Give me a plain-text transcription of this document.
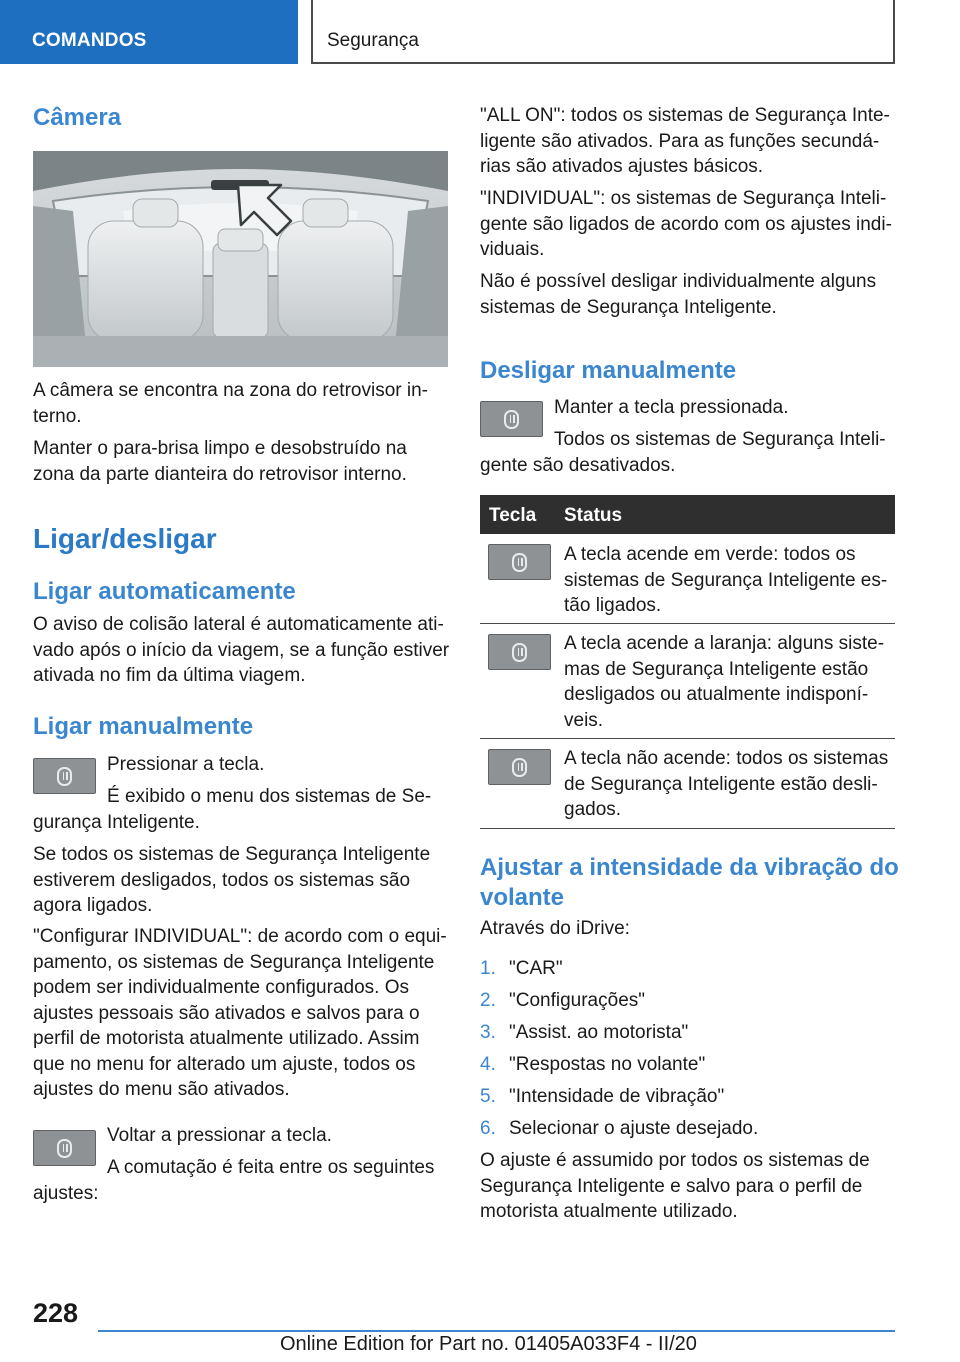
COMANDOS	Segurança
Câmera
A câmera se encontra na zona do retrovisor in-
terno.
Manter o para-brisa limpo e desobstruído na
zona da parte dianteira do retrovisor interno.
Ligar/desligar
Ligar automaticamente
O aviso de colisão lateral é automaticamente ati-
vado após o início da viagem, se a função estiver
ativada no fim da última viagem.
Ligar manualmente
Pressionar a tecla.
É exibido o menu dos sistemas de Se-
gurança Inteligente.
Se todos os sistemas de Segurança Inteligente
estiverem desligados, todos os sistemas são
agora ligados.
"Configurar INDIVIDUAL": de acordo com o equi-
pamento, os sistemas de Segurança Inteligente
podem ser individualmente configurados. Os
ajustes pessoais são ativados e salvos para o
perfil de motorista atualmente utilizado. Assim
que no menu for alterado um ajuste, todos os
ajustes do menu são ativados.
Voltar a pressionar a tecla.
A comutação é feita entre os seguintes
ajustes:
"ALL ON": todos os sistemas de Segurança Inte-
ligente são ativados. Para as funções secundá-
rias são ativados ajustes básicos.
"INDIVIDUAL": os sistemas de Segurança Inteli-
gente são ligados de acordo com os ajustes indi-
viduais.
Não é possível desligar individualmente alguns
sistemas de Segurança Inteligente.
Desligar manualmente
Manter a tecla pressionada.
Todos os sistemas de Segurança Inteli-
gente são desativados.
Tecla Status
A tecla acende em verde: todos os
sistemas de Segurança Inteligente es-
tão ligados.
A tecla acende a laranja: alguns siste-
mas de Segurança Inteligente estão
desligados ou atualmente indisponí-
veis.
A tecla não acende: todos os sistemas
de Segurança Inteligente estão desli-
gados.
Ajustar a intensidade da vibração do
volante
Através do iDrive:
1. "CAR"
2. "Configurações"
3. "Assist. ao motorista"
4. "Respostas no volante"
5. "Intensidade de vibração"
6. Selecionar o ajuste desejado.
O ajuste é assumido por todos os sistemas de
Segurança Inteligente e salvo para o perfil de
motorista atualmente utilizado.
228
Online Edition for Part no. 01405A033F4 - II/20
